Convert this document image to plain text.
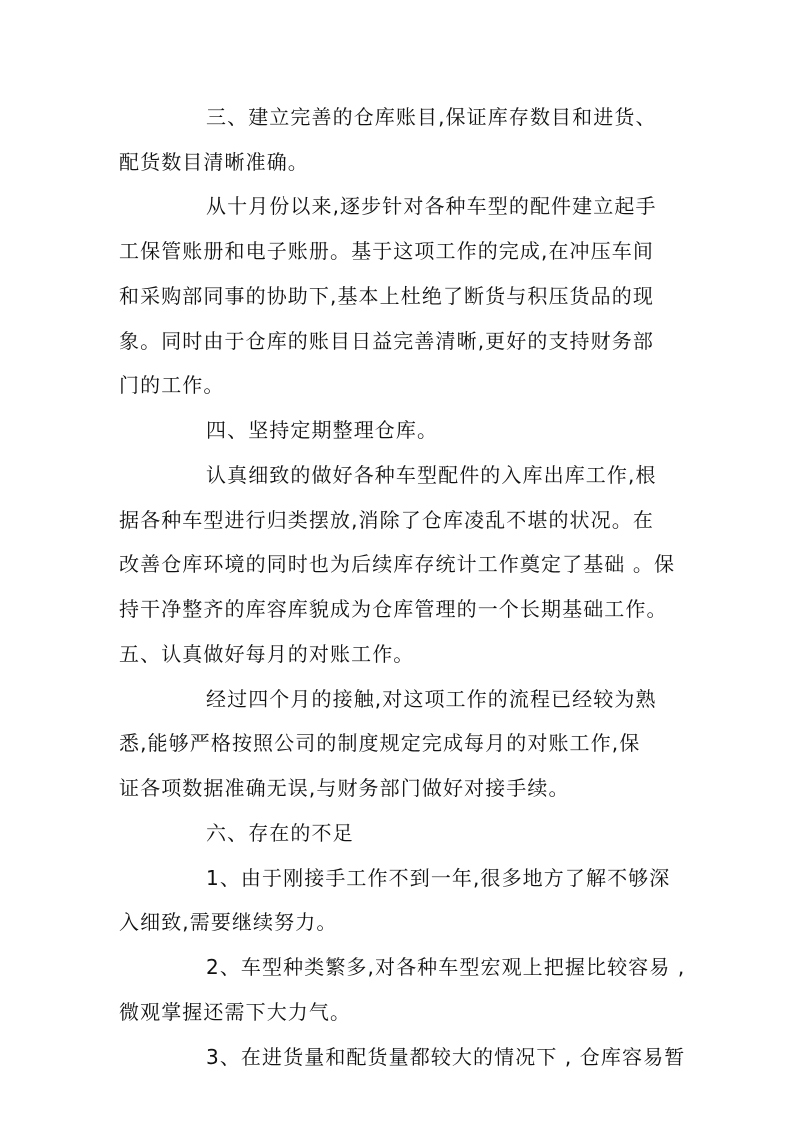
三、建立完善的仓库账目,保证库存数目和进货、
配货数目清晰准确。
从十月份以来,逐步针对各种车型的配件建立起手
工保管账册和电子账册。基于这项工作的完成,在冲压车间
和采购部同事的协助下,基本上杜绝了断货与积压货品的现
象。同时由于仓库的账目日益完善清晰,更好的支持财务部
门的工作。
四、坚持定期整理仓库。
认真细致的做好各种车型配件的入库出库工作,根
据各种车型进行归类摆放,消除了仓库凌乱不堪的状况。在
改善仓库环境的同时也为后续库存统计工作奠定了基础 。保
持干净整齐的库容库貌成为仓库管理的一个长期基础工作。
五、认真做好每月的对账工作。
经过四个月的接触,对这项工作的流程已经较为熟
悉,能够严格按照公司的制度规定完成每月的对账工作,保
证各项数据准确无误,与财务部门做好对接手续。
六、存在的不足
1、由于刚接手工作不到一年,很多地方了解不够深
入细致,需要继续努力。
2、车型种类繁多,对各种车型宏观上把握比较容易 ,
微观掌握还需下大力气。
3、在进货量和配货量都较大的情况下 , 仓库容易暂
